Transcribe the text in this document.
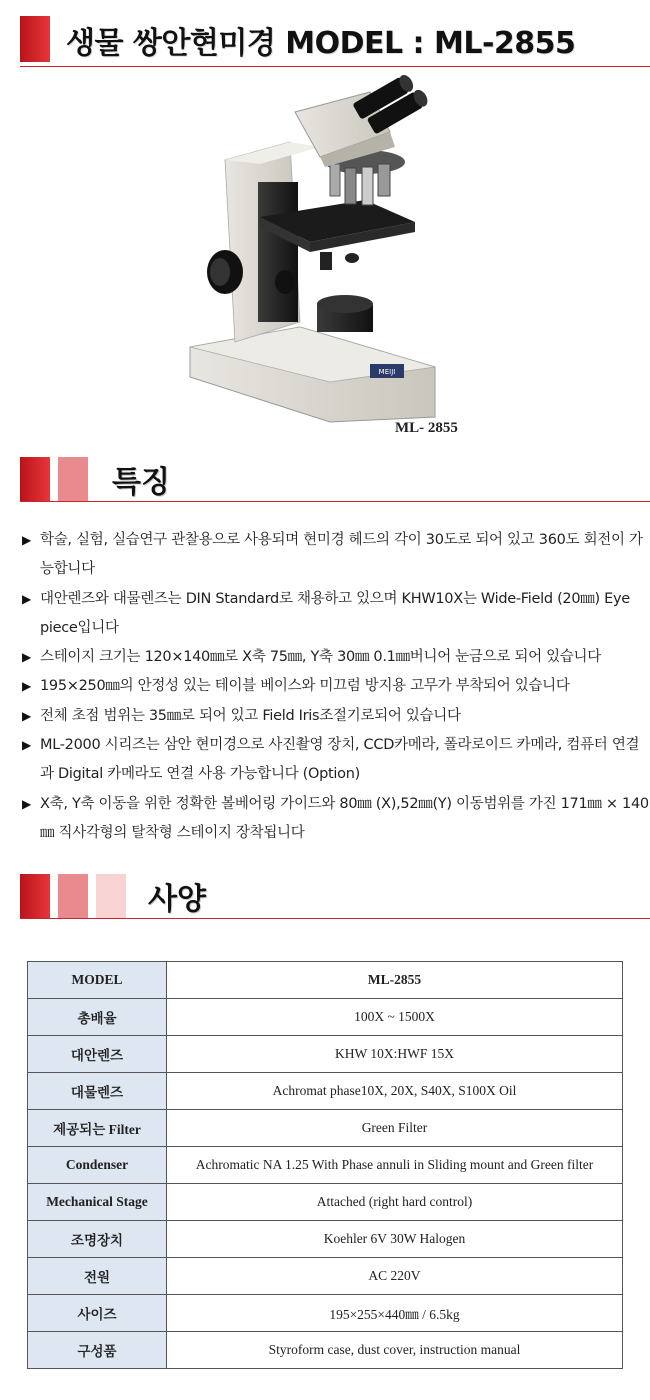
생물 쌍안현미경 MODEL : ML-2855
MEIJI
ML- 2855
특징
▶ 학술, 실험, 실습연구 관찰용으로 사용되며 현미경 헤드의 각이 30도로 되어 있고 360도 회전이 가능합니다
▶ 대안렌즈와 대물렌즈는 DIN Standard로 채용하고 있으며 KHW10X는 Wide-Field (20㎜) Eye piece입니다
▶ 스테이지 크기는 120×140㎜로 X축 75㎜, Y축 30㎜ 0.1㎜버니어 눈금으로 되어 있습니다
▶ 195×250㎜의 안정성 있는 테이블 베이스와 미끄럼 방지용 고무가 부착되어 있습니다
▶ 전체 초점 범위는 35㎜로 되어 있고 Field Iris조절기로되어 있습니다
▶ ML-2000 시리즈는 삼안 현미경으로 사진촬영 장치, CCD카메라, 폴라로이드 카메라, 컴퓨터 연결과 Digital 카메라도 연결 사용 가능합니다 (Option)
▶ X축, Y축 이동을 위한 정확한 볼베어링 가이드와 80㎜ (X),52㎜(Y) 이동범위를 가진 171㎜ × 140㎜ 직사각형의 탈착형 스테이지 장착됩니다
사양
MODEL	ML-2855
총배율	100X ~ 1500X
대안렌즈	KHW 10X:HWF 15X
대물렌즈	Achromat phase10X, 20X, S40X, S100X Oil
제공되는 Filter	Green Filter
Condenser	Achromatic NA 1.25 With Phase annuli in Sliding mount and Green filter
Mechanical Stage	Attached (right hard control)
조명장치	Koehler 6V 30W Halogen
전원	AC 220V
사이즈	195×255×440㎜ / 6.5kg
구성품	Styroform case, dust cover, instruction manual
